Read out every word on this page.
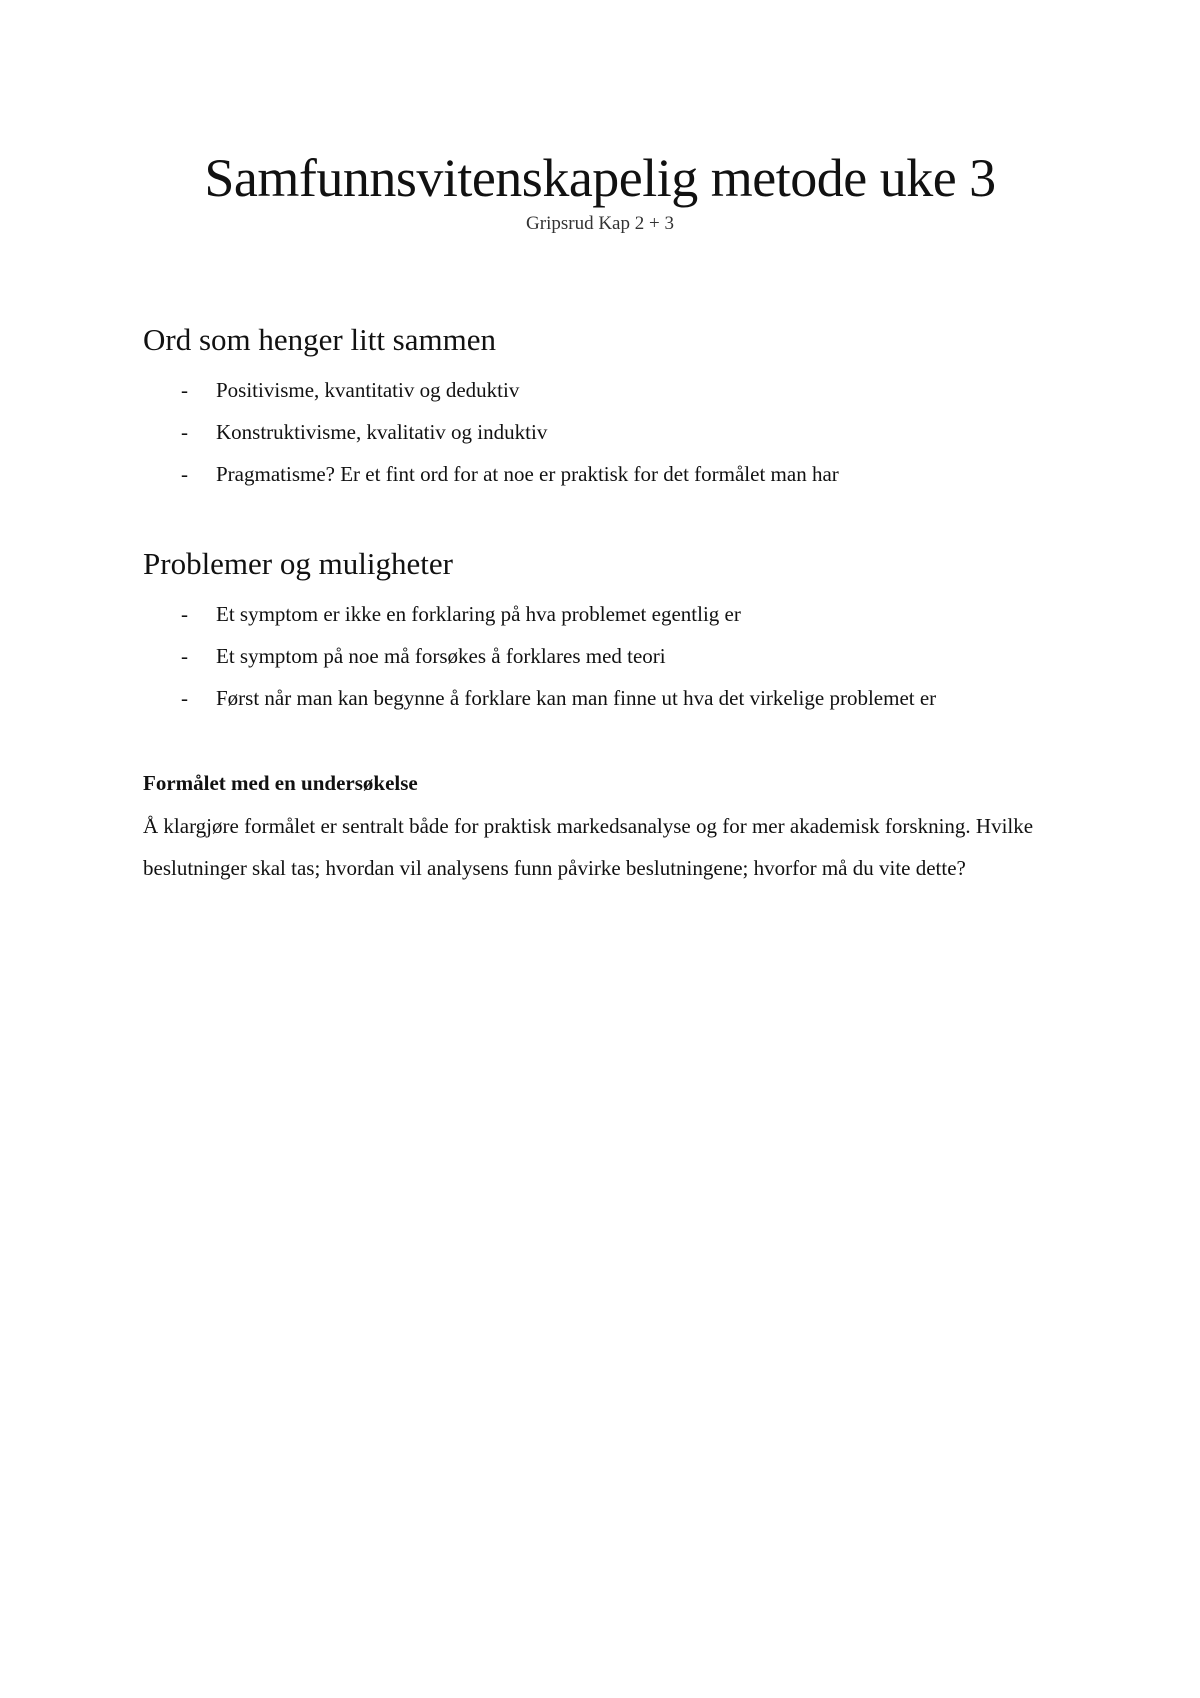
Samfunnsvitenskapelig metode uke 3
Gripsrud Kap 2 + 3
Ord som henger litt sammen
- Positivisme, kvantitativ og deduktiv
- Konstruktivisme, kvalitativ og induktiv
- Pragmatisme? Er et fint ord for at noe er praktisk for det formålet man har
Problemer og muligheter
- Et symptom er ikke en forklaring på hva problemet egentlig er
- Et symptom på noe må forsøkes å forklares med teori
- Først når man kan begynne å forklare kan man finne ut hva det virkelige problemet er
Formålet med en undersøkelse

Å klargjøre formålet er sentralt både for praktisk markedsanalyse og for mer akademisk forskning. Hvilke beslutninger skal tas; hvordan vil analysens funn påvirke beslutningene; hvorfor må du vite dette?
